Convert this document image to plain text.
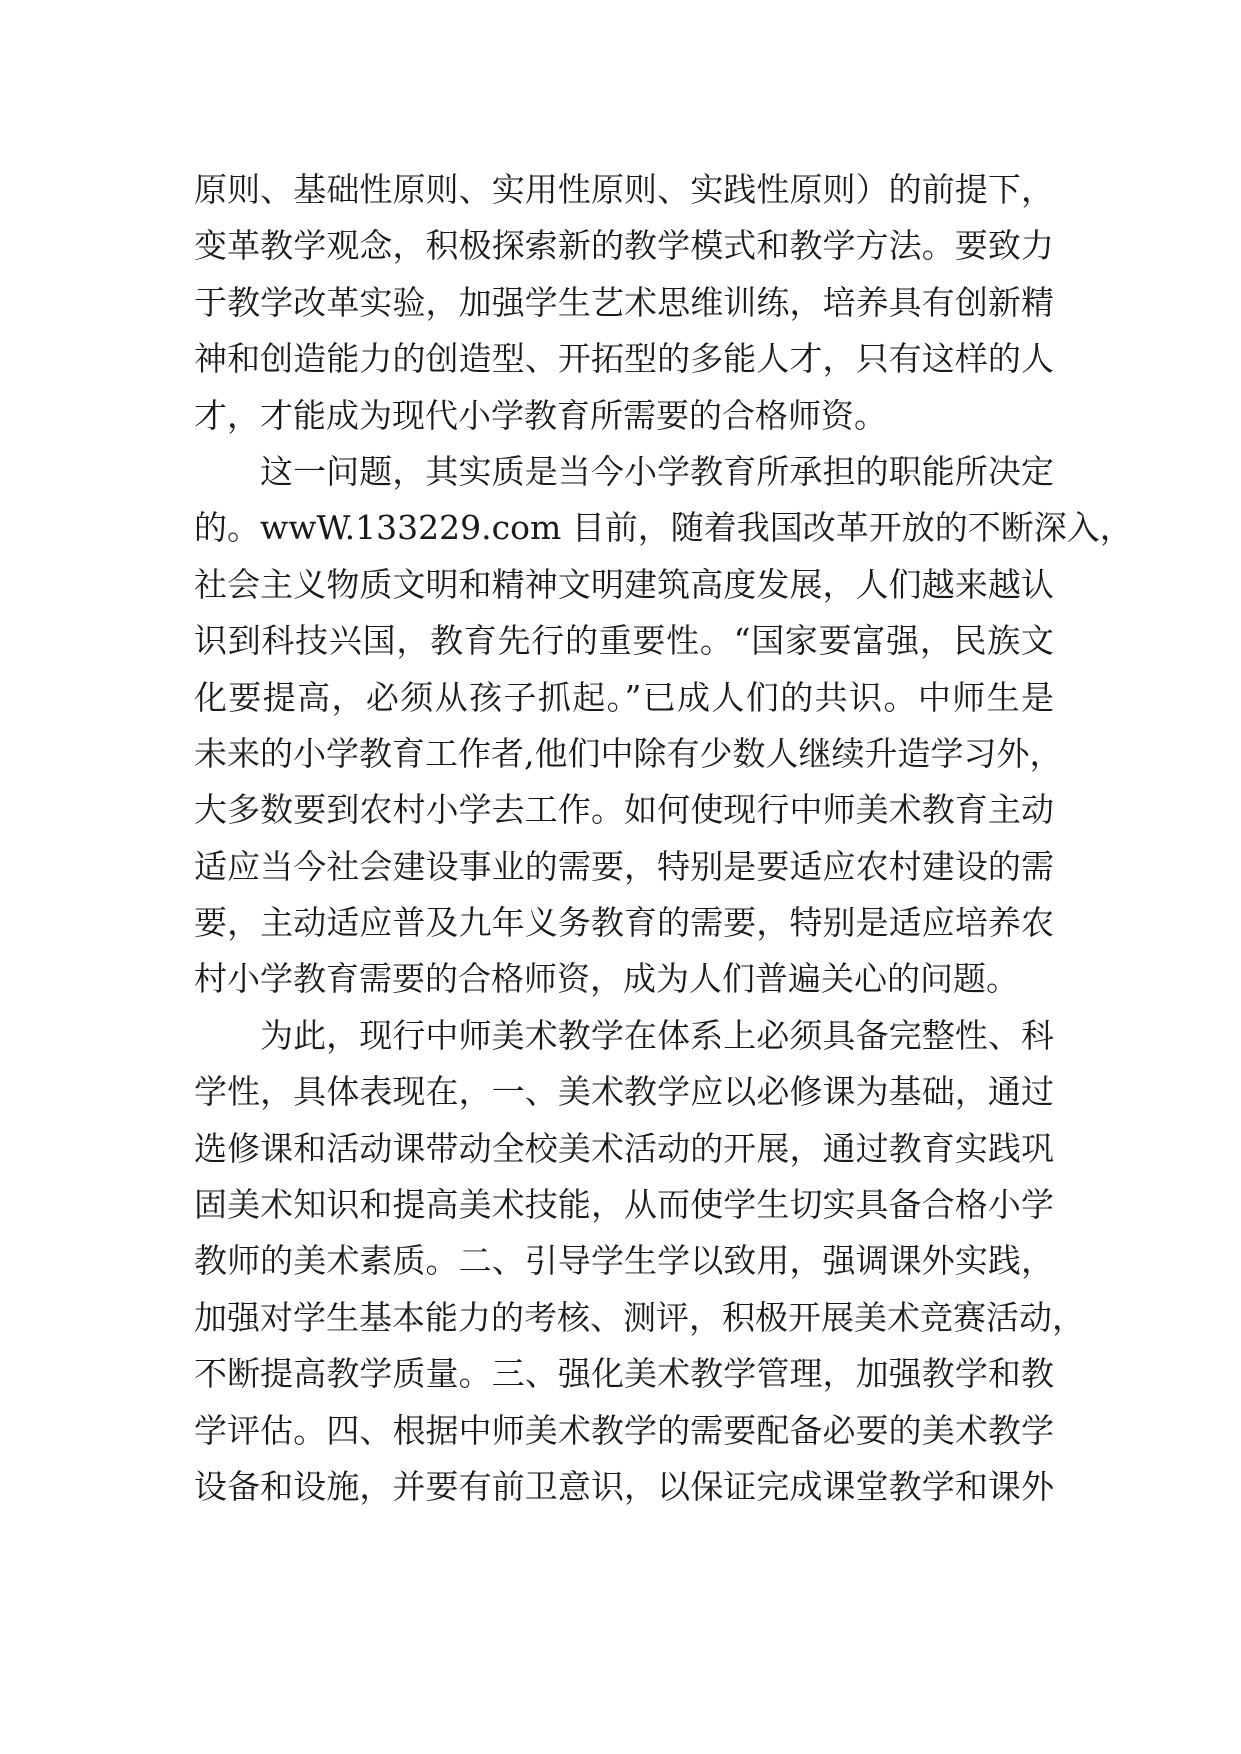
原则、基础性原则、实用性原则、实践性原则）的前提下，
变革教学观念，积极探索新的教学模式和教学方法。要致力
于教学改革实验，加强学生艺术思维训练，培养具有创新精
神和创造能力的创造型、开拓型的多能人才，只有这样的人
才，才能成为现代小学教育所需要的合格师资。
这一问题，其实质是当今小学教育所承担的职能所决定
的。wwW.133229.com 目前，随着我国改革开放的不断深入，
社会主义物质文明和精神文明建筑高度发展，人们越来越认
识到科技兴国，教育先行的重要性。“国家要富强，民族文
化要提高，必须从孩子抓起。”已成人们的共识。中师生是
未来的小学教育工作者,他们中除有少数人继续升造学习外，
大多数要到农村小学去工作。如何使现行中师美术教育主动
适应当今社会建设事业的需要，特别是要适应农村建设的需
要，主动适应普及九年义务教育的需要，特别是适应培养农
村小学教育需要的合格师资，成为人们普遍关心的问题。
为此，现行中师美术教学在体系上必须具备完整性、科
学性，具体表现在，一、美术教学应以必修课为基础，通过
选修课和活动课带动全校美术活动的开展，通过教育实践巩
固美术知识和提高美术技能，从而使学生切实具备合格小学
教师的美术素质。二、引导学生学以致用，强调课外实践，
加强对学生基本能力的考核、测评，积极开展美术竞赛活动，
不断提高教学质量。三、强化美术教学管理，加强教学和教
学评估。四、根据中师美术教学的需要配备必要的美术教学
设备和设施，并要有前卫意识，以保证完成课堂教学和课外
